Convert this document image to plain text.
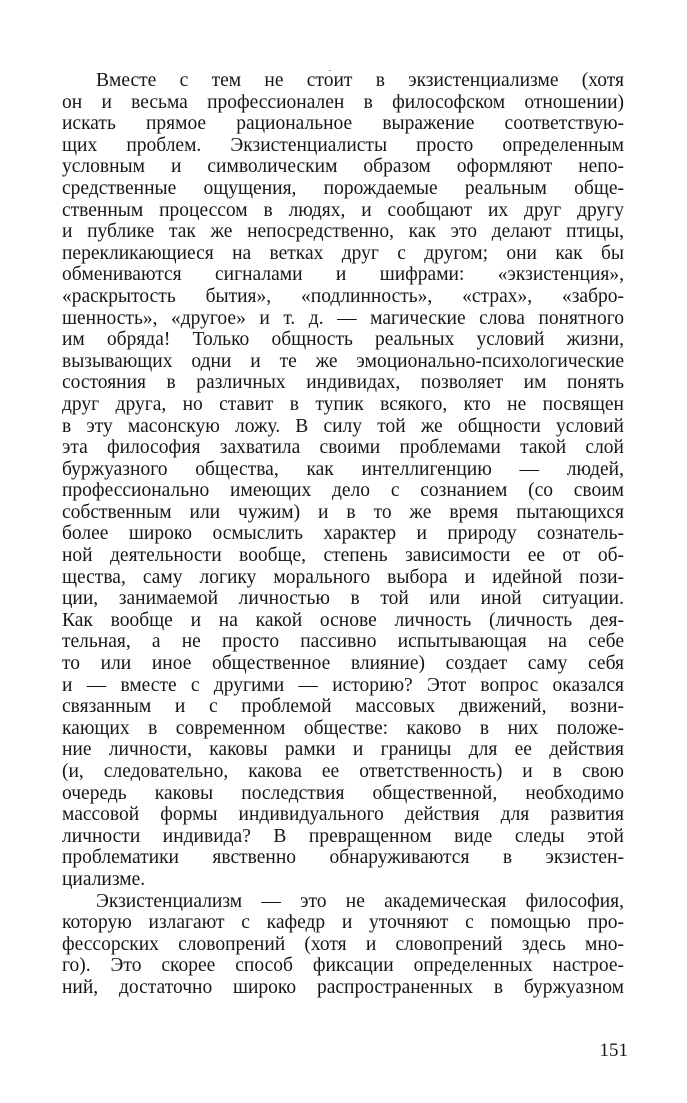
Вместе с тем не сто́ит в экзистенциализме (хотя
он и весьма профессионален в философском отношении)
искать прямое рациональное выражение соответствую-
щих проблем. Экзистенциалисты просто определенным
условным и символическим образом оформляют непо-
средственные ощущения, порождаемые реальным обще-
ственным процессом в людях, и сообщают их друг другу
и публике так же непосредственно, как это делают птицы,
перекликающиеся на ветках друг с другом; они как бы
обмениваются сигналами и шифрами: «экзистенция»,
«раскрытость бытия», «подлинность», «страх», «забро-
шенность», «другое» и т. д. — магические слова понятного
им обряда! Только общность реальных условий жизни,
вызывающих одни и те же эмоционально-психологические
состояния в различных индивидах, позволяет им понять
друг друга, но ставит в тупик всякого, кто не посвящен
в эту масонскую ложу. В силу той же общности условий
эта философия захватила своими проблемами такой слой
буржуазного общества, как интеллигенцию — людей,
профессионально имеющих дело с сознанием (со своим
собственным или чужим) и в то же время пытающихся
более широко осмыслить характер и природу сознатель-
ной деятельности вообще, степень зависимости ее от об-
щества, саму логику морального выбора и идейной пози-
ции, занимаемой личностью в той или иной ситуации.
Как вообще и на какой основе личность (личность дея-
тельная, а не просто пассивно испытывающая на себе
то или иное общественное влияние) создает саму себя
и — вместе с другими — историю? Этот вопрос оказался
связанным и с проблемой массовых движений, возни-
кающих в современном обществе: каково в них положе-
ние личности, каковы рамки и границы для ее действия
(и, следовательно, какова ее ответственность) и в свою
очередь каковы последствия общественной, необходимо
массовой формы индивидуального действия для развития
личности индивида? В превращенном виде следы этой
проблематики явственно обнаруживаются в экзистен-
циализме.
Экзистенциализм — это не академическая философия,
которую излагают с кафедр и уточняют с помощью про-
фессорских словопрений (хотя и словопрений здесь мно-
го). Это скорее способ фиксации определенных настрое-
ний, достаточно широко распространенных в буржуазном
151
